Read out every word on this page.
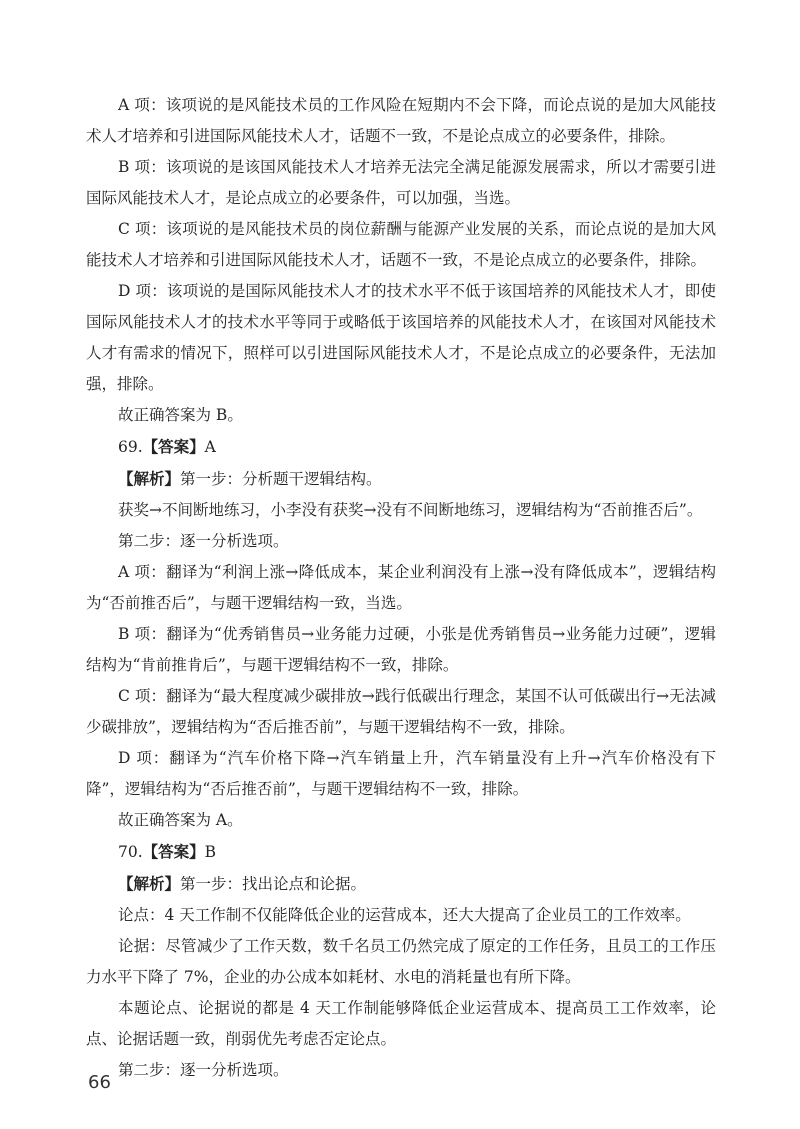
A 项：该项说的是风能技术员的工作风险在短期内不会下降，而论点说的是加大风能技术人才培养和引进国际风能技术人才，话题不一致，不是论点成立的必要条件，排除。

B 项：该项说的是该国风能技术人才培养无法完全满足能源发展需求，所以才需要引进国际风能技术人才，是论点成立的必要条件，可以加强，当选。

C 项：该项说的是风能技术员的岗位薪酬与能源产业发展的关系，而论点说的是加大风能技术人才培养和引进国际风能技术人才，话题不一致，不是论点成立的必要条件，排除。

D 项：该项说的是国际风能技术人才的技术水平不低于该国培养的风能技术人才，即使国际风能技术人才的技术水平等同于或略低于该国培养的风能技术人才，在该国对风能技术人才有需求的情况下，照样可以引进国际风能技术人才，不是论点成立的必要条件，无法加强，排除。

故正确答案为 B。

69.【答案】A

【解析】第一步：分析题干逻辑结构。

获奖→不间断地练习，小李没有获奖→没有不间断地练习，逻辑结构为“否前推否后”。

第二步：逐一分析选项。

A 项：翻译为“利润上涨→降低成本，某企业利润没有上涨→没有降低成本”，逻辑结构为“否前推否后”，与题干逻辑结构一致，当选。

B 项：翻译为“优秀销售员→业务能力过硬，小张是优秀销售员→业务能力过硬”，逻辑结构为“肯前推肯后”，与题干逻辑结构不一致，排除。

C 项：翻译为“最大程度减少碳排放→践行低碳出行理念，某国不认可低碳出行→无法减少碳排放”，逻辑结构为“否后推否前”，与题干逻辑结构不一致，排除。

D 项：翻译为“汽车价格下降→汽车销量上升，汽车销量没有上升→汽车价格没有下降”，逻辑结构为“否后推否前”，与题干逻辑结构不一致，排除。

故正确答案为 A。

70.【答案】B

【解析】第一步：找出论点和论据。

论点：4 天工作制不仅能降低企业的运营成本，还大大提高了企业员工的工作效率。

论据：尽管减少了工作天数，数千名员工仍然完成了原定的工作任务，且员工的工作压力水平下降了 7%，企业的办公成本如耗材、水电的消耗量也有所下降。

本题论点、论据说的都是 4 天工作制能够降低企业运营成本、提高员工工作效率，论点、论据话题一致，削弱优先考虑否定论点。

第二步：逐一分析选项。

66
